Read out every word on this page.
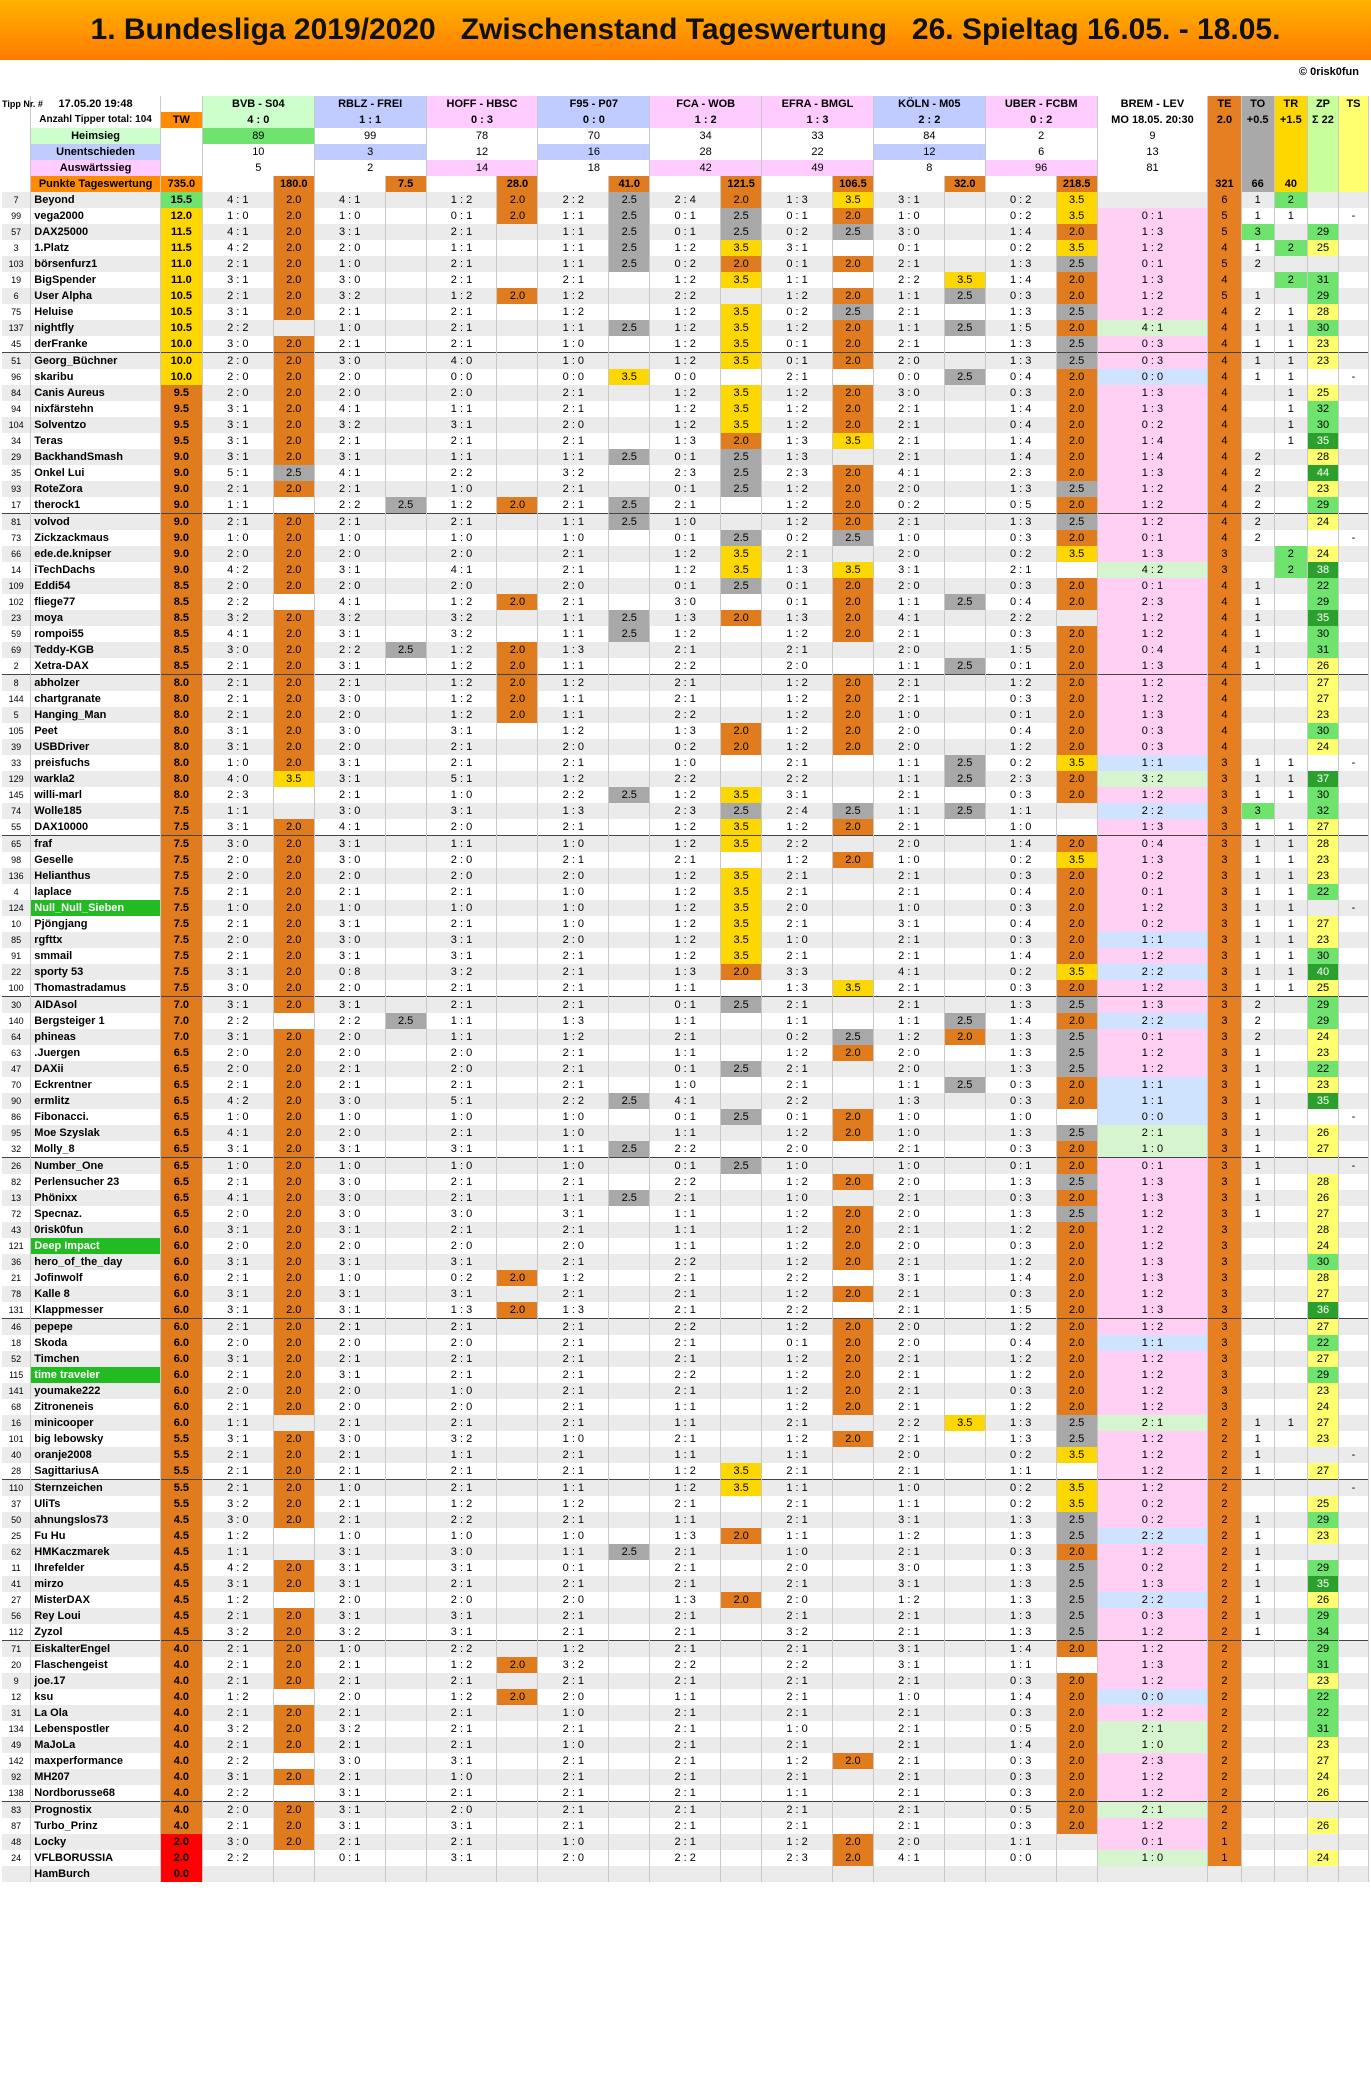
1. Bundesliga 2019/2020   Zwischenstand Tageswertung   26. Spieltag 16.05. - 18.05.
© 0risk0fun
Tipp Nr. #	17.05.20 19:48		BVB - S04		RBLZ - FREI		HOFF - HBSC		F95 - P07		FCA - WOB		EFRA - BMGL		KÖLN - M05		UBER - FCBM		BREM - LEV	TE	TO	TR	ZP	TS
	Anzahl Tipper total: 104	TW	4 : 0		1 : 1		0 : 3		0 : 0		1 : 2		1 : 3		2 : 2		0 : 2		MO 18.05. 20:30	2.0	+0.5	+1.5	Σ 22	
	Heimsieg		89		99		78		70		34		33		84		2		9					
	Unentschieden		10		3		12		16		28		22		12		6		13					
	Auswärtssieg		5		2		14		18		42		49		8		96		81					
	Punkte Tageswertung	735.0		180.0		7.5		28.0		41.0		121.5		106.5		32.0		218.5		321	66	40		
7	Beyond	15.5	4 : 1	2.0	4 : 1		1 : 2	2.0	2 : 2	2.5	2 : 4	2.0	1 : 3	3.5	3 : 1		0 : 2	3.5		6	1	2		
99	vega2000	12.0	1 : 0	2.0	1 : 0		0 : 1	2.0	1 : 1	2.5	0 : 1	2.5	0 : 1	2.0	1 : 0		0 : 2	3.5	0 : 1	5	1	1		-
57	DAX25000	11.5	4 : 1	2.0	3 : 1		2 : 1		1 : 1	2.5	0 : 1	2.5	0 : 2	2.5	3 : 0		1 : 4	2.0	1 : 3	5	3		29	
3	1.Platz	11.5	4 : 2	2.0	2 : 0		1 : 1		1 : 1	2.5	1 : 2	3.5	3 : 1		0 : 1		0 : 2	3.5	1 : 2	4	1	2	25	
103	börsenfurz1	11.0	2 : 1	2.0	1 : 0		2 : 1		1 : 1	2.5	0 : 2	2.0	0 : 1	2.0	2 : 1		1 : 3	2.5	0 : 1	5	2			
19	BigSpender	11.0	3 : 1	2.0	3 : 0		2 : 1		2 : 1		1 : 2	3.5	1 : 1		2 : 2	3.5	1 : 4	2.0	1 : 3	4		2	31	
6	User Alpha	10.5	2 : 1	2.0	3 : 2		1 : 2	2.0	1 : 2		2 : 2		1 : 2	2.0	1 : 1	2.5	0 : 3	2.0	1 : 2	5	1		29	
75	Heluise	10.5	3 : 1	2.0	2 : 1		2 : 1		1 : 2		1 : 2	3.5	0 : 2	2.5	2 : 1		1 : 3	2.5	1 : 2	4	2	1	28	
137	nightfly	10.5	2 : 2		1 : 0		2 : 1		1 : 1	2.5	1 : 2	3.5	1 : 2	2.0	1 : 1	2.5	1 : 5	2.0	4 : 1	4	1	1	30	
45	derFranke	10.0	3 : 0	2.0	2 : 1		2 : 1		1 : 0		1 : 2	3.5	0 : 1	2.0	2 : 1		1 : 3	2.5	0 : 3	4	1	1	23	
51	Georg_Büchner	10.0	2 : 0	2.0	3 : 0		4 : 0		1 : 0		1 : 2	3.5	0 : 1	2.0	2 : 0		1 : 3	2.5	0 : 3	4	1	1	23	
96	skaribu	10.0	2 : 0	2.0	2 : 0		0 : 0		0 : 0	3.5	0 : 0		2 : 1		0 : 0	2.5	0 : 4	2.0	0 : 0	4	1	1		-
84	Canis Aureus	9.5	2 : 0	2.0	2 : 0		2 : 0		2 : 1		1 : 2	3.5	1 : 2	2.0	3 : 0		0 : 3	2.0	1 : 3	4		1	25	
94	nixfärstehn	9.5	3 : 1	2.0	4 : 1		1 : 1		2 : 1		1 : 2	3.5	1 : 2	2.0	2 : 1		1 : 4	2.0	1 : 3	4		1	32	
104	Solventzo	9.5	3 : 1	2.0	3 : 2		3 : 1		2 : 0		1 : 2	3.5	1 : 2	2.0	2 : 1		0 : 4	2.0	0 : 2	4		1	30	
34	Teras	9.5	3 : 1	2.0	2 : 1		2 : 1		2 : 1		1 : 3	2.0	1 : 3	3.5	2 : 1		1 : 4	2.0	1 : 4	4		1	35	
29	BackhandSmash	9.0	3 : 1	2.0	3 : 1		1 : 1		1 : 1	2.5	0 : 1	2.5	1 : 3		2 : 1		1 : 4	2.0	1 : 4	4	2		28	
35	Onkel Lui	9.0	5 : 1	2.5	4 : 1		2 : 2		3 : 2		2 : 3	2.5	2 : 3	2.0	4 : 1		2 : 3	2.0	1 : 3	4	2		44	
93	RoteZora	9.0	2 : 1	2.0	2 : 1		1 : 0		2 : 1		0 : 1	2.5	1 : 2	2.0	2 : 0		1 : 3	2.5	1 : 2	4	2		23	
17	therock1	9.0	1 : 1		2 : 2	2.5	1 : 2	2.0	2 : 1	2.5	2 : 1		1 : 2	2.0	0 : 2		0 : 5	2.0	1 : 2	4	2		29	
81	volvod	9.0	2 : 1	2.0	2 : 1		2 : 1		1 : 1	2.5	1 : 0		1 : 2	2.0	2 : 1		1 : 3	2.5	1 : 2	4	2		24	
73	Zickzackmaus	9.0	1 : 0	2.0	1 : 0		1 : 0		1 : 0		0 : 1	2.5	0 : 2	2.5	1 : 0		0 : 3	2.0	0 : 1	4	2			-
66	ede.de.knipser	9.0	2 : 0	2.0	2 : 0		2 : 0		2 : 1		1 : 2	3.5	2 : 1		2 : 0		0 : 2	3.5	1 : 3	3		2	24	
14	iTechDachs	9.0	4 : 2	2.0	3 : 1		4 : 1		2 : 1		1 : 2	3.5	1 : 3	3.5	3 : 1		2 : 1		4 : 2	3		2	38	
109	Eddi54	8.5	2 : 0	2.0	2 : 0		2 : 0		2 : 0		0 : 1	2.5	0 : 1	2.0	2 : 0		0 : 3	2.0	0 : 1	4	1		22	
102	fliege77	8.5	2 : 2		4 : 1		1 : 2	2.0	2 : 1		3 : 0		0 : 1	2.0	1 : 1	2.5	0 : 4	2.0	2 : 3	4	1		29	
23	moya	8.5	3 : 2	2.0	3 : 2		3 : 2		1 : 1	2.5	1 : 3	2.0	1 : 3	2.0	4 : 1		2 : 2		1 : 2	4	1		35	
59	rompoi55	8.5	4 : 1	2.0	3 : 1		3 : 2		1 : 1	2.5	1 : 2		1 : 2	2.0	2 : 1		0 : 3	2.0	1 : 2	4	1		30	
69	Teddy-KGB	8.5	3 : 0	2.0	2 : 2	2.5	1 : 2	2.0	1 : 3		2 : 1		2 : 1		2 : 0		1 : 5	2.0	0 : 4	4	1		31	
2	Xetra-DAX	8.5	2 : 1	2.0	3 : 1		1 : 2	2.0	1 : 1		2 : 2		2 : 0		1 : 1	2.5	0 : 1	2.0	1 : 3	4	1		26	
8	abholzer	8.0	2 : 1	2.0	2 : 1		1 : 2	2.0	1 : 2		2 : 1		1 : 2	2.0	2 : 1		1 : 2	2.0	1 : 2	4			27	
144	chartgranate	8.0	2 : 1	2.0	3 : 0		1 : 2	2.0	1 : 1		2 : 1		1 : 2	2.0	2 : 1		0 : 3	2.0	1 : 2	4			27	
5	Hanging_Man	8.0	2 : 1	2.0	2 : 0		1 : 2	2.0	1 : 1		2 : 2		1 : 2	2.0	1 : 0		0 : 1	2.0	1 : 3	4			23	
105	Peet	8.0	3 : 1	2.0	3 : 0		3 : 1		1 : 2		1 : 3	2.0	1 : 2	2.0	2 : 0		0 : 4	2.0	0 : 3	4			30	
39	USBDriver	8.0	3 : 1	2.0	2 : 0		2 : 1		2 : 0		0 : 2	2.0	1 : 2	2.0	2 : 0		1 : 2	2.0	0 : 3	4			24	
33	preisfuchs	8.0	1 : 0	2.0	3 : 1		2 : 1		2 : 1		1 : 0		2 : 1		1 : 1	2.5	0 : 2	3.5	1 : 1	3	1	1		-
129	warkla2	8.0	4 : 0	3.5	3 : 1		5 : 1		1 : 2		2 : 2		2 : 2		1 : 1	2.5	2 : 3	2.0	3 : 2	3	1	1	37	
145	willi-marl	8.0	2 : 3		2 : 1		1 : 0		2 : 2	2.5	1 : 2	3.5	3 : 1		2 : 1		0 : 3	2.0	1 : 2	3	1	1	30	
74	Wolle185	7.5	1 : 1		3 : 0		3 : 1		1 : 3		2 : 3	2.5	2 : 4	2.5	1 : 1	2.5	1 : 1		2 : 2	3	3		32	
55	DAX10000	7.5	3 : 1	2.0	4 : 1		2 : 0		2 : 1		1 : 2	3.5	1 : 2	2.0	2 : 1		1 : 0		1 : 3	3	1	1	27	
65	fraf	7.5	3 : 0	2.0	3 : 1		1 : 1		1 : 0		1 : 2	3.5	2 : 2		2 : 0		1 : 4	2.0	0 : 4	3	1	1	28	
98	Geselle	7.5	2 : 0	2.0	3 : 0		2 : 0		2 : 1		2 : 1		1 : 2	2.0	1 : 0		0 : 2	3.5	1 : 3	3	1	1	23	
136	Helianthus	7.5	2 : 0	2.0	2 : 0		2 : 0		2 : 0		1 : 2	3.5	2 : 1		2 : 1		0 : 3	2.0	0 : 2	3	1	1	23	
4	laplace	7.5	2 : 1	2.0	2 : 1		2 : 1		1 : 0		1 : 2	3.5	2 : 1		2 : 1		0 : 4	2.0	0 : 1	3	1	1	22	
124	Null_Null_Sieben	7.5	1 : 0	2.0	1 : 0		1 : 0		1 : 0		1 : 2	3.5	2 : 0		1 : 0		0 : 3	2.0	1 : 2	3	1	1		-
10	Pjöngjang	7.5	2 : 1	2.0	3 : 1		2 : 1		1 : 0		1 : 2	3.5	2 : 1		3 : 1		0 : 4	2.0	0 : 2	3	1	1	27	
85	rgfttx	7.5	2 : 0	2.0	3 : 0		3 : 1		2 : 0		1 : 2	3.5	1 : 0		2 : 1		0 : 3	2.0	1 : 1	3	1	1	23	
91	smmail	7.5	2 : 1	2.0	3 : 1		3 : 1		2 : 1		1 : 2	3.5	2 : 1		2 : 1		1 : 4	2.0	1 : 2	3	1	1	30	
22	sporty 53	7.5	3 : 1	2.0	0 : 8		3 : 2		2 : 1		1 : 3	2.0	3 : 3		4 : 1		0 : 2	3.5	2 : 2	3	1	1	40	
100	Thomastradamus	7.5	3 : 0	2.0	2 : 0		2 : 1		2 : 1		1 : 1		1 : 3	3.5	2 : 1		0 : 3	2.0	1 : 2	3	1	1	25	
30	AIDAsol	7.0	3 : 1	2.0	3 : 1		2 : 1		2 : 1		0 : 1	2.5	2 : 1		2 : 1		1 : 3	2.5	1 : 3	3	2		29	
140	Bergsteiger 1	7.0	2 : 2		2 : 2	2.5	1 : 1		1 : 3		1 : 1		1 : 1		1 : 1	2.5	1 : 4	2.0	2 : 2	3	2		29	
64	phineas	7.0	3 : 1	2.0	2 : 0		1 : 1		1 : 2		2 : 1		0 : 2	2.5	1 : 2	2.0	1 : 3	2.5	0 : 1	3	2		24	
63	.Juergen	6.5	2 : 0	2.0	2 : 0		2 : 0		2 : 1		1 : 1		1 : 2	2.0	2 : 0		1 : 3	2.5	1 : 2	3	1		23	
47	DAXii	6.5	2 : 0	2.0	2 : 1		2 : 0		2 : 1		0 : 1	2.5	2 : 1		2 : 0		1 : 3	2.5	1 : 2	3	1		22	
70	Eckrentner	6.5	2 : 1	2.0	2 : 1		2 : 1		2 : 1		1 : 0		2 : 1		1 : 1	2.5	0 : 3	2.0	1 : 1	3	1		23	
90	ermlitz	6.5	4 : 2	2.0	3 : 0		5 : 1		2 : 2	2.5	4 : 1		2 : 2		1 : 3		0 : 3	2.0	1 : 1	3	1		35	
86	Fibonacci.	6.5	1 : 0	2.0	1 : 0		1 : 0		1 : 0		0 : 1	2.5	0 : 1	2.0	1 : 0		1 : 0		0 : 0	3	1			-
95	Moe Szyslak	6.5	4 : 1	2.0	2 : 0		2 : 1		1 : 0		1 : 1		1 : 2	2.0	1 : 0		1 : 3	2.5	2 : 1	3	1		26	
32	Molly_8	6.5	3 : 1	2.0	3 : 1		3 : 1		1 : 1	2.5	2 : 2		2 : 0		2 : 1		0 : 3	2.0	1 : 0	3	1		27	
26	Number_One	6.5	1 : 0	2.0	1 : 0		1 : 0		1 : 0		0 : 1	2.5	1 : 0		1 : 0		0 : 1	2.0	0 : 1	3	1			-
82	Perlensucher 23	6.5	2 : 1	2.0	3 : 0		2 : 1		2 : 1		2 : 2		1 : 2	2.0	2 : 0		1 : 3	2.5	1 : 3	3	1		28	
13	Phönixx	6.5	4 : 1	2.0	3 : 0		2 : 1		1 : 1	2.5	2 : 1		1 : 0		2 : 1		0 : 3	2.0	1 : 3	3	1		26	
72	Specnaz.	6.5	2 : 0	2.0	3 : 0		3 : 0		3 : 1		1 : 1		1 : 2	2.0	2 : 0		1 : 3	2.5	1 : 2	3	1		27	
43	0risk0fun	6.0	3 : 1	2.0	3 : 1		2 : 1		2 : 1		1 : 1		1 : 2	2.0	2 : 1		1 : 2	2.0	1 : 2	3			28	
121	Deep Impact	6.0	2 : 0	2.0	2 : 0		2 : 0		2 : 0		1 : 1		1 : 2	2.0	2 : 0		0 : 3	2.0	1 : 2	3			24	
36	hero_of_the_day	6.0	3 : 1	2.0	3 : 1		3 : 1		2 : 1		2 : 2		1 : 2	2.0	2 : 1		1 : 2	2.0	1 : 3	3			30	
21	Jofinwolf	6.0	2 : 1	2.0	1 : 0		0 : 2	2.0	1 : 2		2 : 1		2 : 2		3 : 1		1 : 4	2.0	1 : 3	3			28	
78	Kalle 8	6.0	3 : 1	2.0	3 : 1		3 : 1		2 : 1		2 : 1		1 : 2	2.0	2 : 1		0 : 3	2.0	1 : 2	3			27	
131	Klappmesser	6.0	3 : 1	2.0	3 : 1		1 : 3	2.0	1 : 3		2 : 1		2 : 2		2 : 1		1 : 5	2.0	1 : 3	3			36	
46	pepepe	6.0	2 : 1	2.0	2 : 1		2 : 1		2 : 1		2 : 2		1 : 2	2.0	2 : 0		1 : 2	2.0	1 : 2	3			27	
18	Skoda	6.0	2 : 0	2.0	2 : 0		2 : 0		2 : 1		2 : 1		0 : 1	2.0	2 : 0		0 : 4	2.0	1 : 1	3			22	
52	Timchen	6.0	3 : 1	2.0	2 : 1		2 : 1		2 : 1		2 : 1		1 : 2	2.0	2 : 1		1 : 2	2.0	1 : 2	3			27	
115	time traveler	6.0	2 : 1	2.0	3 : 1		2 : 1		2 : 1		2 : 2		1 : 2	2.0	2 : 1		1 : 2	2.0	1 : 2	3			29	
141	youmake222	6.0	2 : 0	2.0	2 : 0		1 : 0		2 : 1		2 : 1		1 : 2	2.0	2 : 1		0 : 3	2.0	1 : 2	3			23	
68	Zitroneneis	6.0	2 : 1	2.0	2 : 0		2 : 0		2 : 1		1 : 1		1 : 2	2.0	2 : 1		1 : 2	2.0	1 : 2	3			24	
16	minicooper	6.0	1 : 1		2 : 1		2 : 1		2 : 1		1 : 1		2 : 1		2 : 2	3.5	1 : 3	2.5	2 : 1	2	1	1	27	
101	big lebowsky	5.5	3 : 1	2.0	3 : 0		3 : 2		1 : 0		2 : 1		1 : 2	2.0	2 : 1		1 : 3	2.5	1 : 2	2	1		23	
40	oranje2008	5.5	2 : 1	2.0	2 : 1		1 : 1		2 : 1		1 : 1		1 : 1		2 : 0		0 : 2	3.5	1 : 2	2	1			-
28	SagittariusA	5.5	2 : 1	2.0	2 : 1		2 : 1		2 : 1		1 : 2	3.5	2 : 1		2 : 1		1 : 1		1 : 2	2	1		27	
110	Sternzeichen	5.5	2 : 1	2.0	1 : 0		2 : 1		1 : 1		1 : 2	3.5	1 : 1		1 : 0		0 : 2	3.5	1 : 2	2				-
37	UliTs	5.5	3 : 2	2.0	2 : 1		1 : 2		1 : 2		2 : 1		2 : 1		1 : 1		0 : 2	3.5	0 : 2	2			25	
50	ahnungslos73	4.5	3 : 0	2.0	2 : 1		2 : 2		2 : 1		1 : 1		2 : 1		3 : 1		1 : 3	2.5	0 : 2	2	1		29	
25	Fu Hu	4.5	1 : 2		1 : 0		1 : 0		1 : 0		1 : 3	2.0	1 : 1		1 : 2		1 : 3	2.5	2 : 2	2	1		23	
62	HMKaczmarek	4.5	1 : 1		3 : 1		3 : 0		1 : 1	2.5	2 : 1		1 : 0		2 : 1		0 : 3	2.0	1 : 2	2	1			
11	Ihrefelder	4.5	4 : 2	2.0	3 : 1		3 : 1		0 : 1		2 : 1		2 : 0		3 : 0		1 : 3	2.5	0 : 2	2	1		29	
41	mirzo	4.5	3 : 1	2.0	3 : 1		2 : 1		2 : 1		2 : 1		2 : 1		3 : 1		1 : 3	2.5	1 : 3	2	1		35	
27	MisterDAX	4.5	1 : 2		2 : 0		2 : 0		2 : 0		1 : 3	2.0	2 : 0		1 : 2		1 : 3	2.5	2 : 2	2	1		26	
56	Rey Loui	4.5	2 : 1	2.0	3 : 1		3 : 1		2 : 1		2 : 1		2 : 1		2 : 1		1 : 3	2.5	0 : 3	2	1		29	
112	Zyzol	4.5	3 : 2	2.0	3 : 2		3 : 1		2 : 1		2 : 1		3 : 2		2 : 1		1 : 3	2.5	1 : 2	2	1		34	
71	EiskalterEngel	4.0	2 : 1	2.0	1 : 0		2 : 2		1 : 2		2 : 1		2 : 1		3 : 1		1 : 4	2.0	1 : 2	2			29	
20	Flaschengeist	4.0	2 : 1	2.0	2 : 1		1 : 2	2.0	3 : 2		2 : 2		2 : 2		3 : 1		1 : 1		1 : 3	2			31	
9	joe.17	4.0	2 : 1	2.0	2 : 1		2 : 1		2 : 1		2 : 1		2 : 1		2 : 1		0 : 3	2.0	1 : 2	2			23	
12	ksu	4.0	1 : 2		2 : 0		1 : 2	2.0	2 : 0		1 : 1		2 : 1		1 : 0		1 : 4	2.0	0 : 0	2			22	
31	La Ola	4.0	2 : 1	2.0	2 : 1		2 : 1		1 : 0		2 : 1		2 : 1		2 : 1		0 : 3	2.0	1 : 2	2			22	
134	Lebenspostler	4.0	3 : 2	2.0	3 : 2		2 : 1		2 : 1		2 : 1		1 : 0		2 : 1		0 : 5	2.0	2 : 1	2			31	
49	MaJoLa	4.0	2 : 1	2.0	2 : 1		2 : 1		1 : 0		2 : 1		2 : 1		2 : 1		1 : 4	2.0	1 : 0	2			23	
142	maxperformance	4.0	2 : 2		3 : 0		3 : 1		2 : 1		2 : 1		1 : 2	2.0	2 : 1		0 : 3	2.0	2 : 3	2			27	
92	MH207	4.0	3 : 1	2.0	2 : 1		1 : 0		2 : 1		2 : 1		2 : 1		2 : 1		0 : 3	2.0	1 : 2	2			24	
138	Nordborusse68	4.0	2 : 2		3 : 1		2 : 1		2 : 1		2 : 1		1 : 1		2 : 1		0 : 3	2.0	1 : 2	2			26	
83	Prognostix	4.0	2 : 0	2.0	3 : 1		2 : 0		2 : 1		2 : 1		2 : 1		2 : 1		0 : 5	2.0	2 : 1	2				
87	Turbo_Prinz	4.0	2 : 1	2.0	3 : 1		3 : 1		2 : 1		2 : 1		2 : 1		2 : 1		0 : 3	2.0	1 : 2	2			26	
48	Locky	2.0	3 : 0	2.0	2 : 1		2 : 1		1 : 0		2 : 1		1 : 2	2.0	2 : 0		1 : 1		0 : 1	1				
24	VFLBORUSSIA	2.0	2 : 2		0 : 1		3 : 1		2 : 0		2 : 2		2 : 3	2.0	4 : 1		0 : 0		1 : 0	1			24	
	HamBurch	0.0																						
